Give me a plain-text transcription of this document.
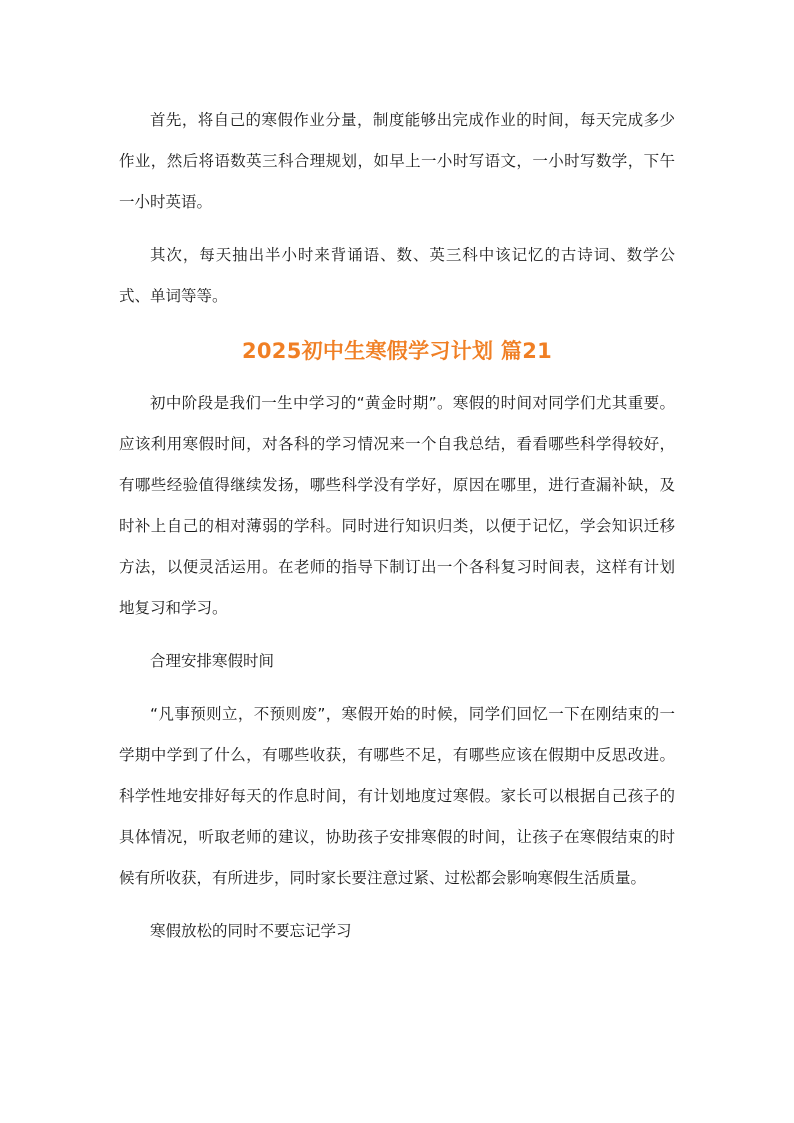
首先，将自己的寒假作业分量，制度能够出完成作业的时间，每天完成多少作业，然后将语数英三科合理规划，如早上一小时写语文，一小时写数学，下午一小时英语。

其次，每天抽出半小时来背诵语、数、英三科中该记忆的古诗词、数学公式、单词等等。

2025初中生寒假学习计划 篇21

初中阶段是我们一生中学习的“黄金时期”。寒假的时间对同学们尤其重要。应该利用寒假时间，对各科的学习情况来一个自我总结，看看哪些科学得较好，有哪些经验值得继续发扬，哪些科学没有学好，原因在哪里，进行查漏补缺，及时补上自己的相对薄弱的学科。同时进行知识归类，以便于记忆，学会知识迁移方法，以便灵活运用。在老师的指导下制订出一个各科复习时间表，这样有计划地复习和学习。

合理安排寒假时间

“凡事预则立，不预则废”，寒假开始的时候，同学们回忆一下在刚结束的一学期中学到了什么，有哪些收获，有哪些不足，有哪些应该在假期中反思改进。科学性地安排好每天的作息时间，有计划地度过寒假。家长可以根据自己孩子的具体情况，听取老师的建议，协助孩子安排寒假的时间，让孩子在寒假结束的时候有所收获，有所进步，同时家长要注意过紧、过松都会影响寒假生活质量。

寒假放松的同时不要忘记学习
